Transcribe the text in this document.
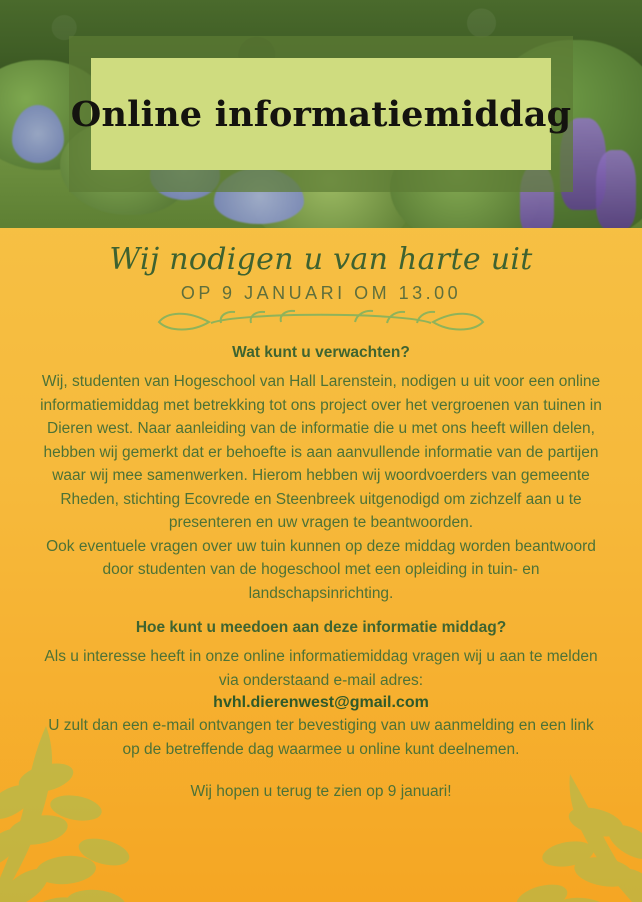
Online informatiemiddag
Wij nodigen u van harte uit
OP 9 JANUARI OM 13.00
Wat kunt u verwachten?
Wij, studenten van Hogeschool van Hall Larenstein, nodigen u uit voor een online informatiemiddag met betrekking tot ons project over het vergroenen van tuinen in Dieren west. Naar aanleiding van de informatie die u met ons heeft willen delen, hebben wij gemerkt dat er behoefte is aan aanvullende informatie van de partijen waar wij mee samenwerken. Hierom hebben wij woordvoerders van gemeente Rheden, stichting Ecovrede en Steenbreek uitgenodigd om zichzelf aan u te presenteren en uw vragen te beantwoorden.
Ook eventuele vragen over uw tuin kunnen op deze middag worden beantwoord door studenten van de hogeschool met een opleiding in tuin- en landschapsinrichting.
Hoe kunt u meedoen aan deze informatie middag?
Als u interesse heeft in onze online informatiemiddag vragen wij u aan te melden via onderstaand e-mail adres:
hvhl.dierenwest@gmail.com
U zult dan een e-mail ontvangen ter bevestiging van uw aanmelding en een link op de betreffende dag waarmee u online kunt deelnemen.
Wij hopen u terug te zien op 9 januari!
